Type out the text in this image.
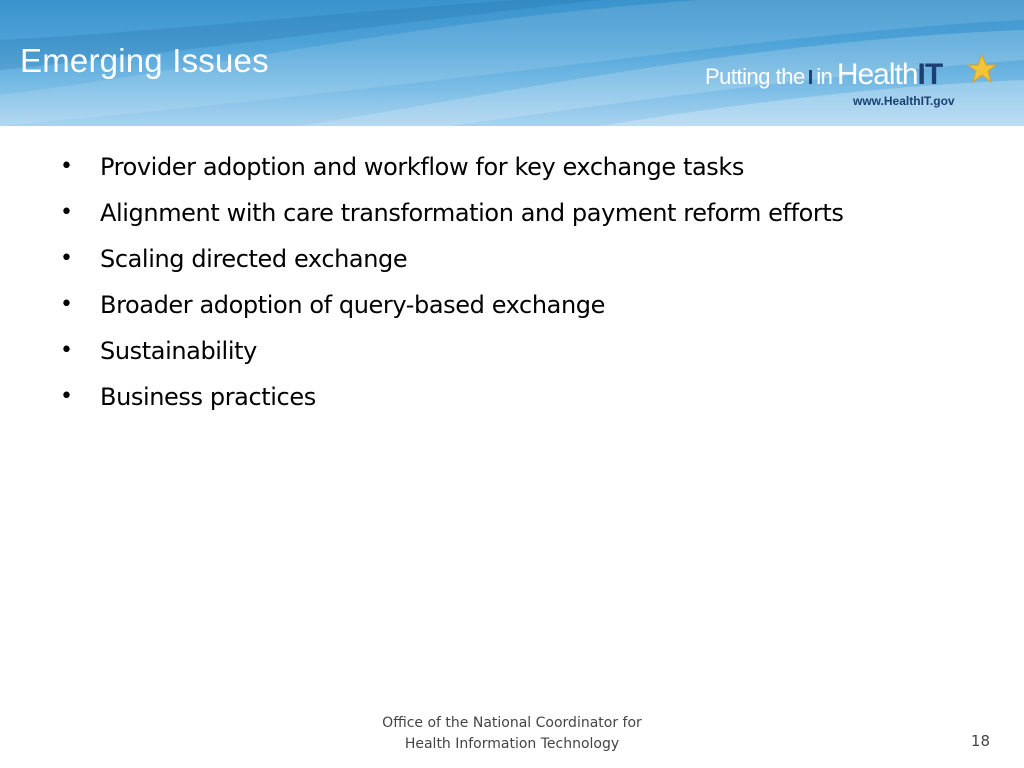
Emerging Issues	Putting the I in HealthIT
www.HealthIT.gov
• Provider adoption and workflow for key exchange tasks
• Alignment with care transformation and payment reform efforts
• Scaling directed exchange
• Broader adoption of query-based exchange
• Sustainability
• Business practices
Office of the National Coordinator for
Health Information Technology	18
